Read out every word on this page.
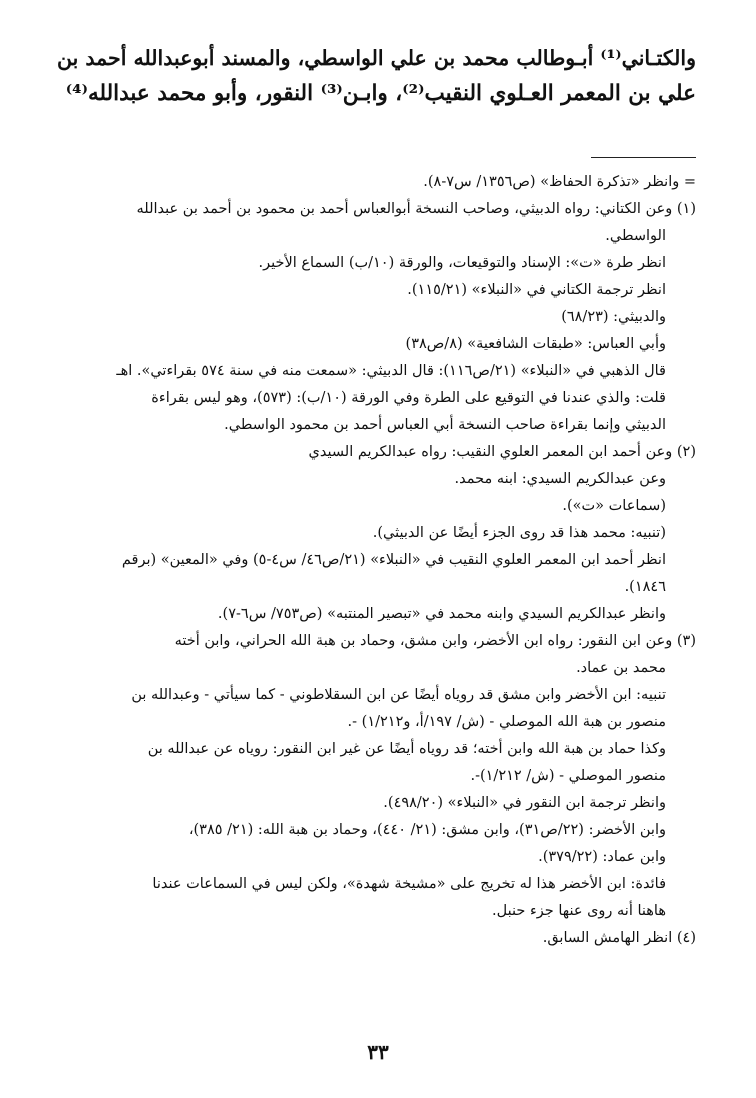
والكتـاني⁽¹⁾ أبـوطالب محمد بن علي الواسطي، والمسند أبوعبدالله أحمد بن

علي بن المعمر العـلوي النقيب⁽²⁾، وابـن⁽³⁾ النقور، وأبو محمد عبدالله⁽⁴⁾

= وانظر «تذكرة الحفاظ» (ص١٣٥٦/ س٧-٨).

(١) وعن الكتاني: رواه الدبيثي، وصاحب النسخة أبوالعباس أحمد بن محمود بن أحمد بن عبدالله

الواسطي.

انظر طرة «ت»: الإسناد والتوقيعات، والورقة (١٠/ب) السماع الأخير.

انظر ترجمة الكتاني في «النبلاء» (١١٥/٢١).

والدبيثي: (٦٨/٢٣)

وأبي العباس: «طبقات الشافعية» (٨/ص٣٨)

قال الذهبي في «النبلاء» (٢١/ص١١٦): قال الدبيثي: «سمعت منه في سنة ٥٧٤ بقراءتي». اهـ

قلت: والذي عندنا في التوقيع على الطرة وفي الورقة (١٠/ب): (٥٧٣)، وهو ليس بقراءة

الدبيثي وإنما بقراءة صاحب النسخة أبي العباس أحمد بن محمود الواسطي.

(٢) وعن أحمد ابن المعمر العلوي النقيب: رواه عبدالكريم السيدي

وعن عبدالكريم السيدي: ابنه محمد.

(سماعات «ت»).

(تنبيه: محمد هذا قد روى الجزء أيضًا عن الدبيثي).

انظر أحمد ابن المعمر العلوي النقيب في «النبلاء» (٢١/ص٤٦/ س٤-٥) وفي «المعين» (برقم

١٨٤٦).

وانظر عبدالكريم السيدي وابنه محمد في «تبصير المنتبه» (ص٧٥٣/ س٦-٧).

(٣) وعن ابن النقور: رواه ابن الأخضر، وابن مشق، وحماد بن هبة الله الحراني، وابن أخته

محمد بن عماد.

تنبيه: ابن الأخضر وابن مشق قد روياه أيضًا عن ابن السقلاطوني - كما سيأتي - وعبدالله بن

منصور بن هبة الله الموصلي - (ش/ ١٩٧/أ، و١/٢١٢) -.

وكذا حماد بن هبة الله وابن أخته؛ قد روياه أيضًا عن غير ابن النقور: روياه عن عبدالله بن

منصور الموصلي - (ش/ ١/٢١٢)-.

وانظر ترجمة ابن النقور في «النبلاء» (٤٩٨/٢٠).

وابن الأخضر: (٢٢/ص٣١)، وابن مشق: (٢١/ ٤٤٠)، وحماد بن هبة الله: (٢١/ ٣٨٥)،

وابن عماد: (٣٧٩/٢٢).

فائدة: ابن الأخضر هذا له تخريج على «مشيخة شهدة»، ولكن ليس في السماعات عندنا

هاهنا أنه روى عنها جزء حنبل.

(٤) انظر الهامش السابق.

٣٣
